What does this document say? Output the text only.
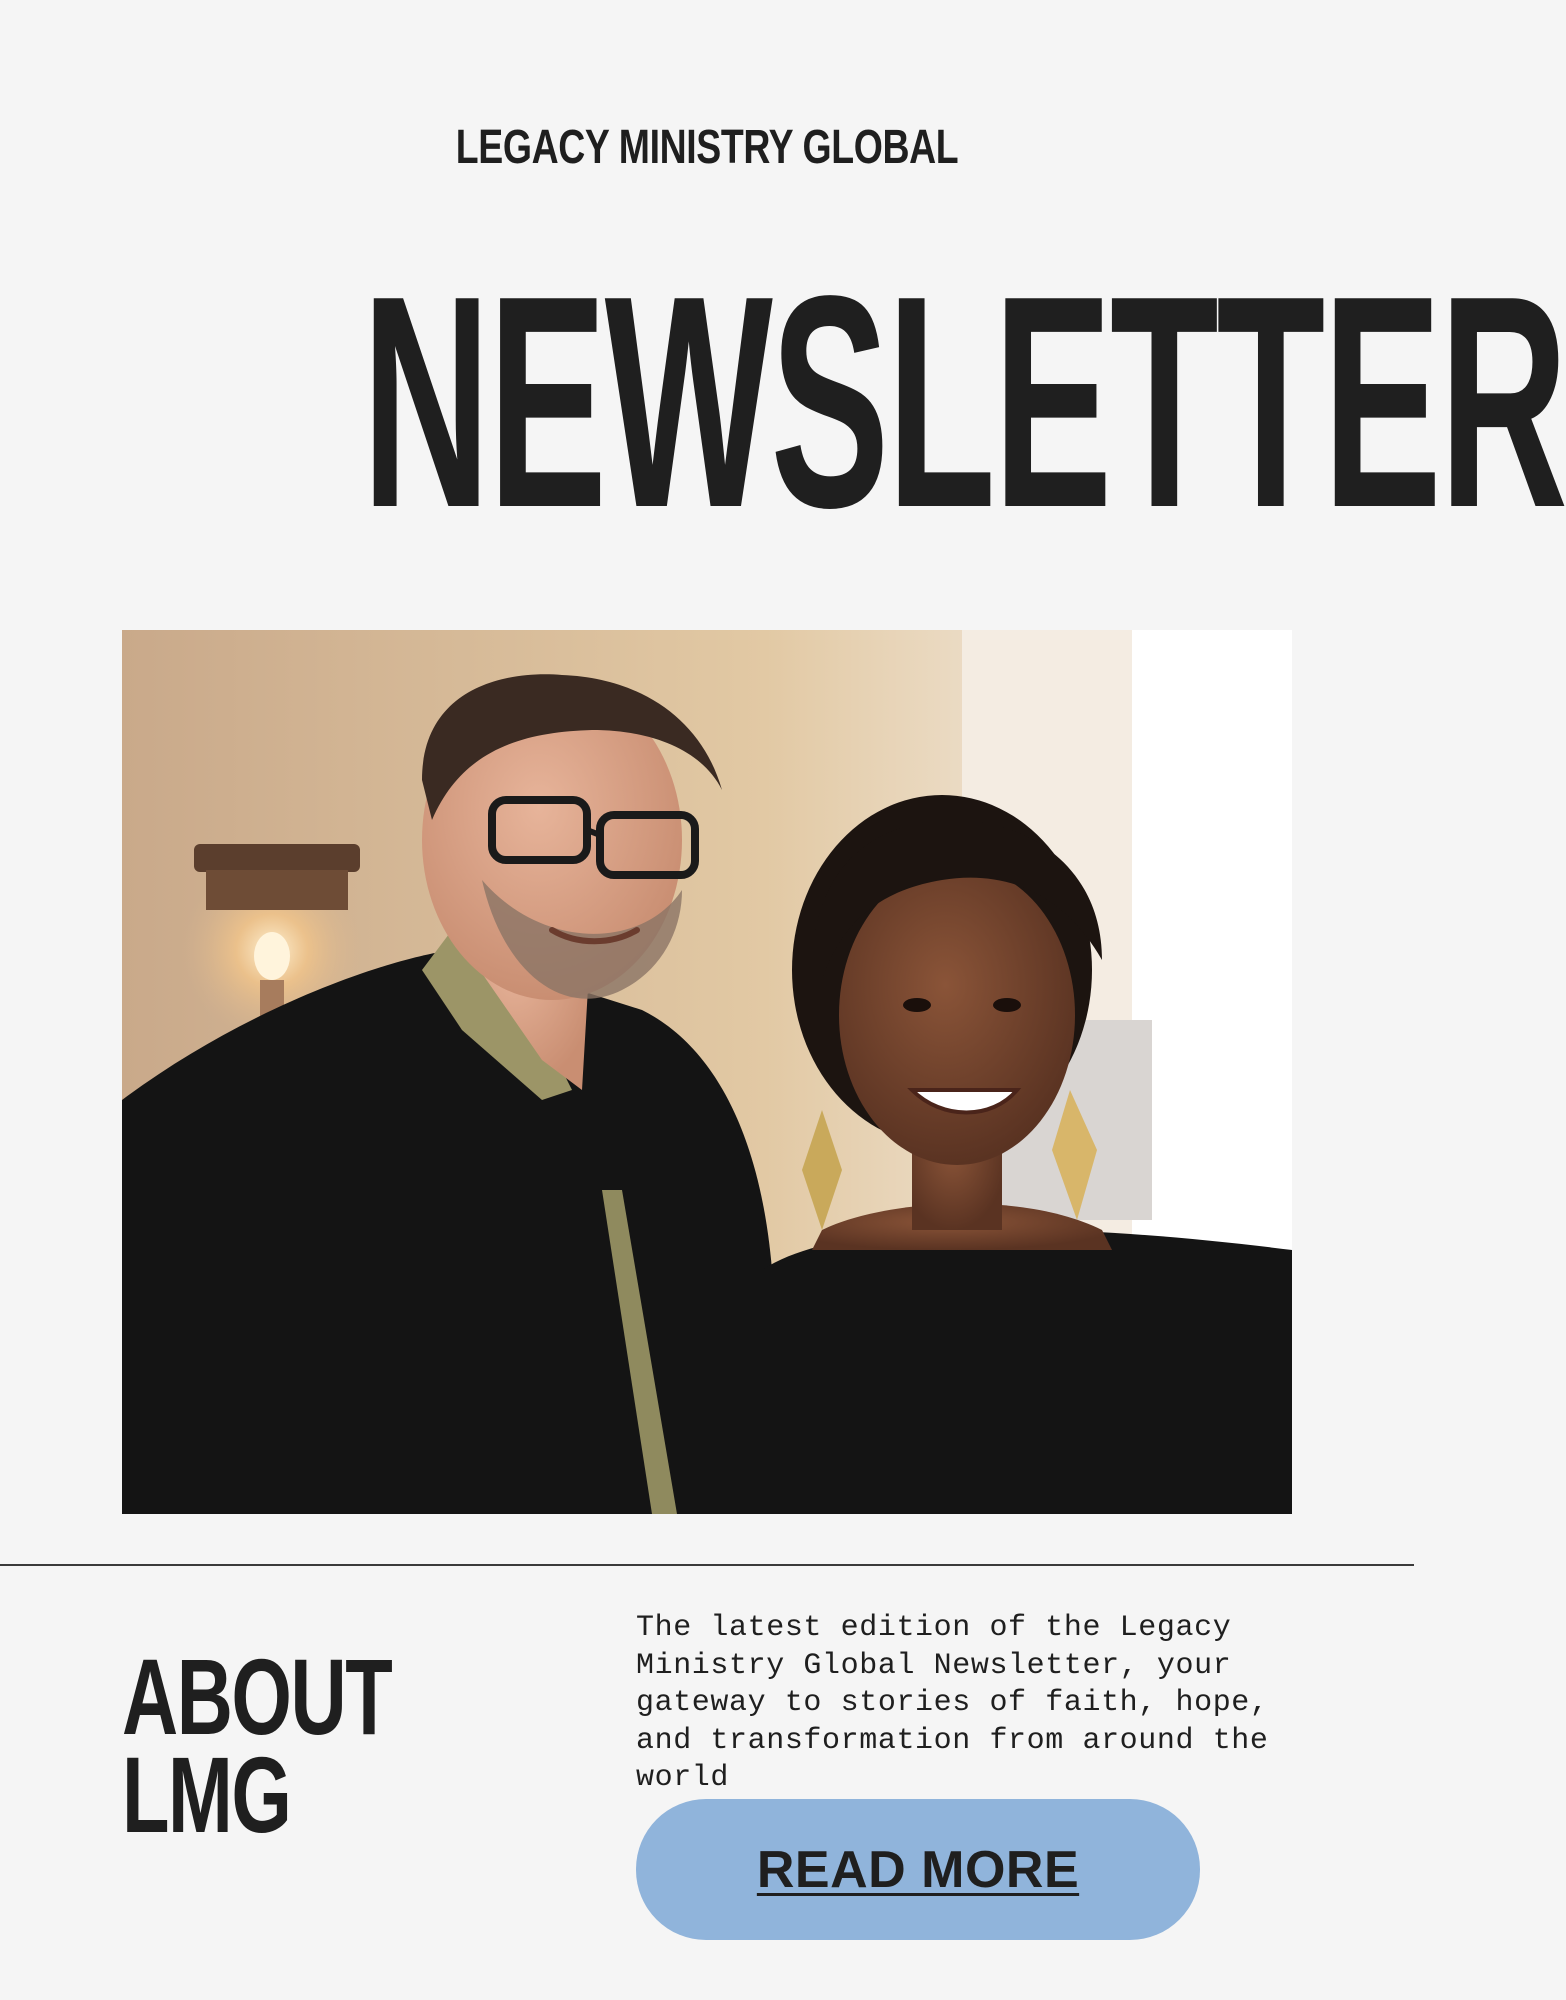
LEGACY MINISTRY GLOBAL
NEWSLETTER
ABOUT
LMG
The latest edition of the Legacy Ministry Global Newsletter, your gateway to stories of faith, hope, and transformation from around the world
READ MORE
